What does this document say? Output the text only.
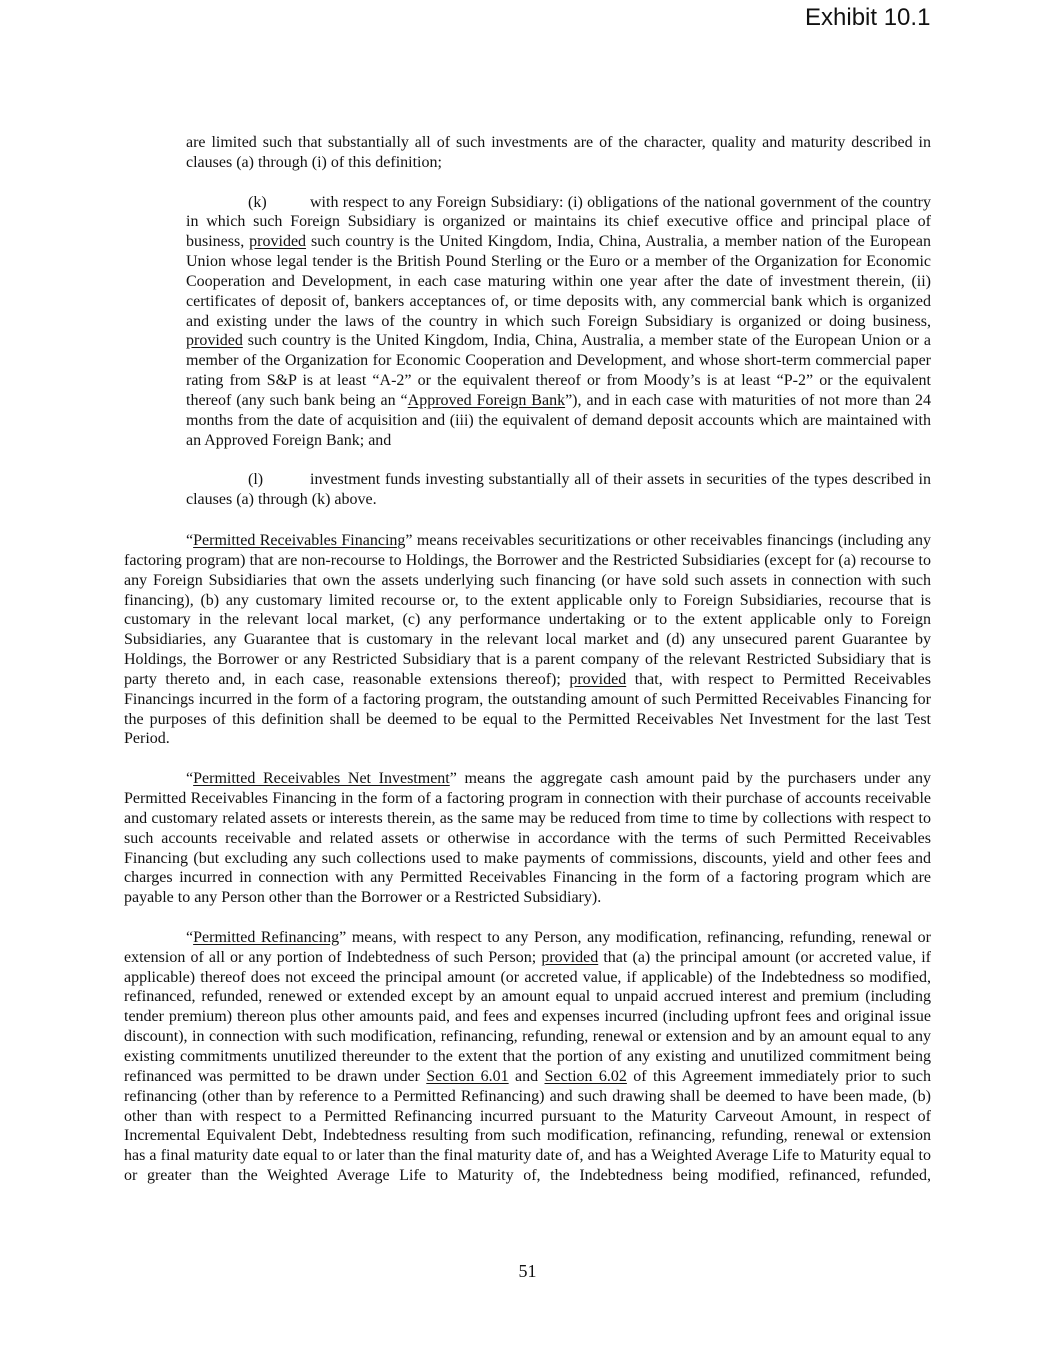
Exhibit 10.1

are limited such that substantially all of such investments are of the character, quality and maturity described in clauses (a) through (i) of this definition;

(k)	with respect to any Foreign Subsidiary: (i) obligations of the national government of the country in which such Foreign Subsidiary is organized or maintains its chief executive office and principal place of business, provided such country is the United Kingdom, India, China, Australia, a member nation of the European Union whose legal tender is the British Pound Sterling or the Euro or a member of the Organization for Economic Cooperation and Development, in each case maturing within one year after the date of investment therein, (ii) certificates of deposit of, bankers acceptances of, or time deposits with, any commercial bank which is organized and existing under the laws of the country in which such Foreign Subsidiary is organized or doing business, provided such country is the United Kingdom, India, China, Australia, a member state of the European Union or a member of the Organization for Economic Cooperation and Development, and whose short-term commercial paper rating from S&P is at least “A-2” or the equivalent thereof or from Moody’s is at least “P-2” or the equivalent thereof (any such bank being an “Approved Foreign Bank”), and in each case with maturities of not more than 24 months from the date of acquisition and (iii) the equivalent of demand deposit accounts which are maintained with an Approved Foreign Bank; and

(l)	investment funds investing substantially all of their assets in securities of the types described in clauses (a) through (k) above.

“Permitted Receivables Financing” means receivables securitizations or other receivables financings (including any factoring program) that are non-recourse to Holdings, the Borrower and the Restricted Subsidiaries (except for (a) recourse to any Foreign Subsidiaries that own the assets underlying such financing (or have sold such assets in connection with such financing), (b) any customary limited recourse or, to the extent applicable only to Foreign Subsidiaries, recourse that is customary in the relevant local market, (c) any performance undertaking or to the extent applicable only to Foreign Subsidiaries, any Guarantee that is customary in the relevant local market and (d) any unsecured parent Guarantee by Holdings, the Borrower or any Restricted Subsidiary that is a parent company of the relevant Restricted Subsidiary that is party thereto and, in each case, reasonable extensions thereof); provided that, with respect to Permitted Receivables Financings incurred in the form of a factoring program, the outstanding amount of such Permitted Receivables Financing for the purposes of this definition shall be deemed to be equal to the Permitted Receivables Net Investment for the last Test Period.

“Permitted Receivables Net Investment” means the aggregate cash amount paid by the purchasers under any Permitted Receivables Financing in the form of a factoring program in connection with their purchase of accounts receivable and customary related assets or interests therein, as the same may be reduced from time to time by collections with respect to such accounts receivable and related assets or otherwise in accordance with the terms of such Permitted Receivables Financing (but excluding any such collections used to make payments of commissions, discounts, yield and other fees and charges incurred in connection with any Permitted Receivables Financing in the form of a factoring program which are payable to any Person other than the Borrower or a Restricted Subsidiary).

“Permitted Refinancing” means, with respect to any Person, any modification, refinancing, refunding, renewal or extension of all or any portion of Indebtedness of such Person; provided that (a) the principal amount (or accreted value, if applicable) thereof does not exceed the principal amount (or accreted value, if applicable) of the Indebtedness so modified, refinanced, refunded, renewed or extended except by an amount equal to unpaid accrued interest and premium (including tender premium) thereon plus other amounts paid, and fees and expenses incurred (including upfront fees and original issue discount), in connection with such modification, refinancing, refunding, renewal or extension and by an amount equal to any existing commitments unutilized thereunder to the extent that the portion of any existing and unutilized commitment being refinanced was permitted to be drawn under Section 6.01 and Section 6.02 of this Agreement immediately prior to such refinancing (other than by reference to a Permitted Refinancing) and such drawing shall be deemed to have been made, (b) other than with respect to a Permitted Refinancing incurred pursuant to the Maturity Carveout Amount, in respect of Incremental Equivalent Debt, Indebtedness resulting from such modification, refinancing, refunding, renewal or extension has a final maturity date equal to or later than the final maturity date of, and has a Weighted Average Life to Maturity equal to or greater than the Weighted Average Life to Maturity of, the Indebtedness being modified, refinanced, refunded,

51
